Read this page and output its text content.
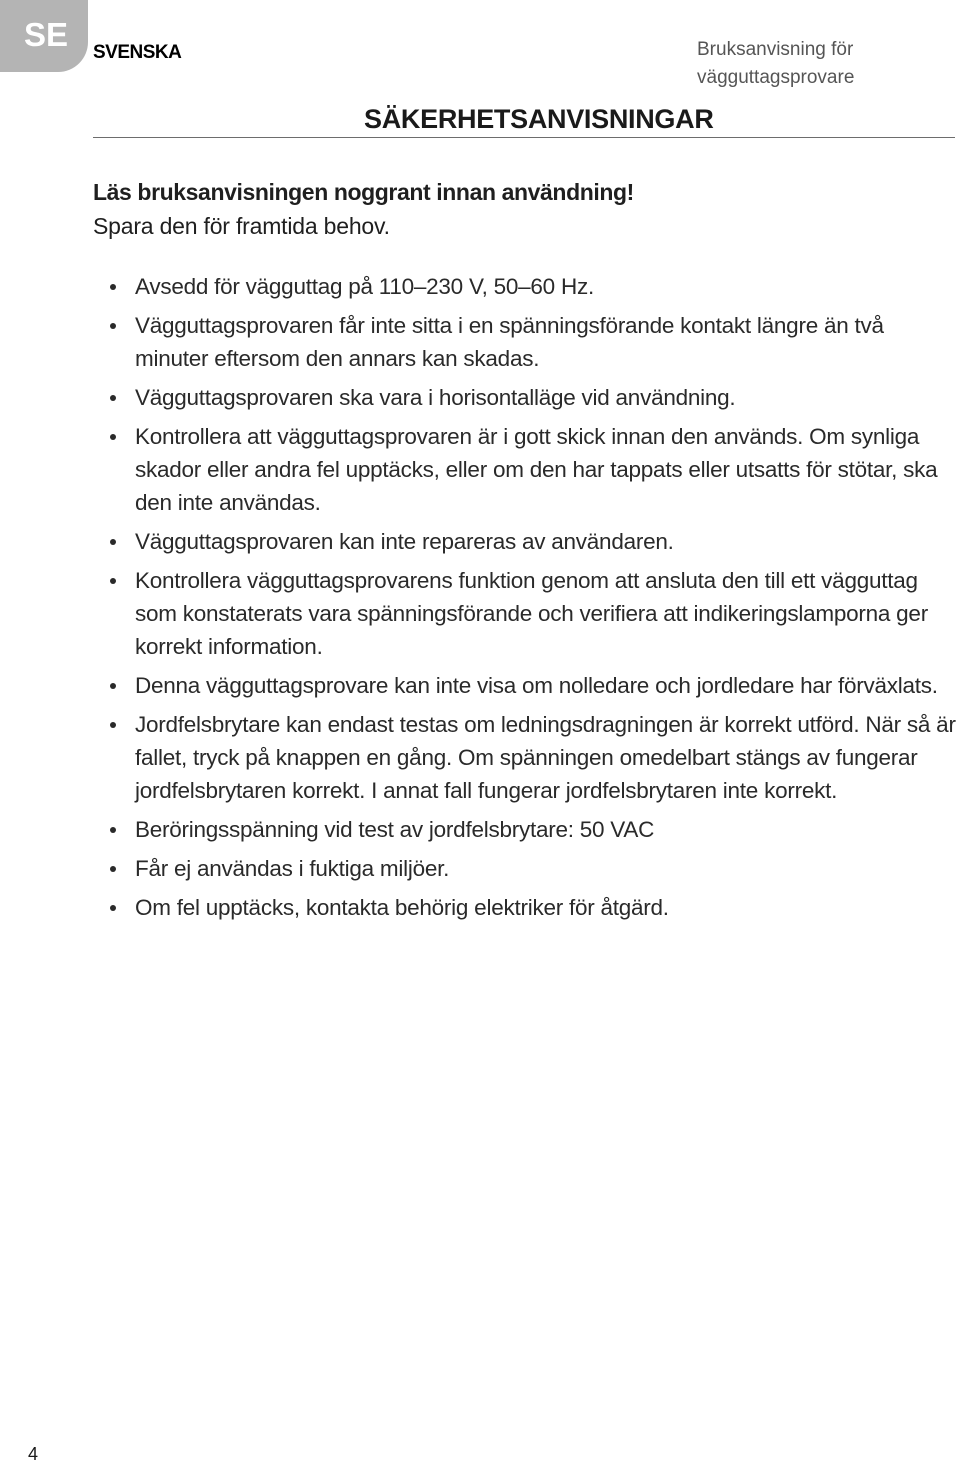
SE SVENSKA	Bruksanvisning för
vägguttagsprovare
SÄKERHETSANVISNINGAR
Läs bruksanvisningen noggrant innan användning!
Spara den för framtida behov.
Avsedd för vägguttag på 110–230 V, 50–60 Hz.
Vägguttagsprovaren får inte sitta i en spänningsförande kontakt längre än två minuter eftersom den annars kan skadas.
Vägguttagsprovaren ska vara i horisontalläge vid användning.
Kontrollera att vägguttagsprovaren är i gott skick innan den används. Om synliga skador eller andra fel upptäcks, eller om den har tappats eller utsatts för stötar, ska den inte användas.
Vägguttagsprovaren kan inte repareras av användaren.
Kontrollera vägguttagsprovarens funktion genom att ansluta den till ett vägguttag som konstaterats vara spänningsförande och verifiera att indikeringslamporna ger korrekt information.
Denna vägguttagsprovare kan inte visa om nolledare och jordledare har förväxlats.
Jordfelsbrytare kan endast testas om ledningsdragningen är korrekt utförd. När så är fallet, tryck på knappen en gång. Om spänningen omedelbart stängs av fungerar jordfelsbrytaren korrekt. I annat fall fungerar jordfelsbrytaren inte korrekt.
Beröringsspänning vid test av jordfelsbrytare: 50 VAC
Får ej användas i fuktiga miljöer.
Om fel upptäcks, kontakta behörig elektriker för åtgärd.
4
